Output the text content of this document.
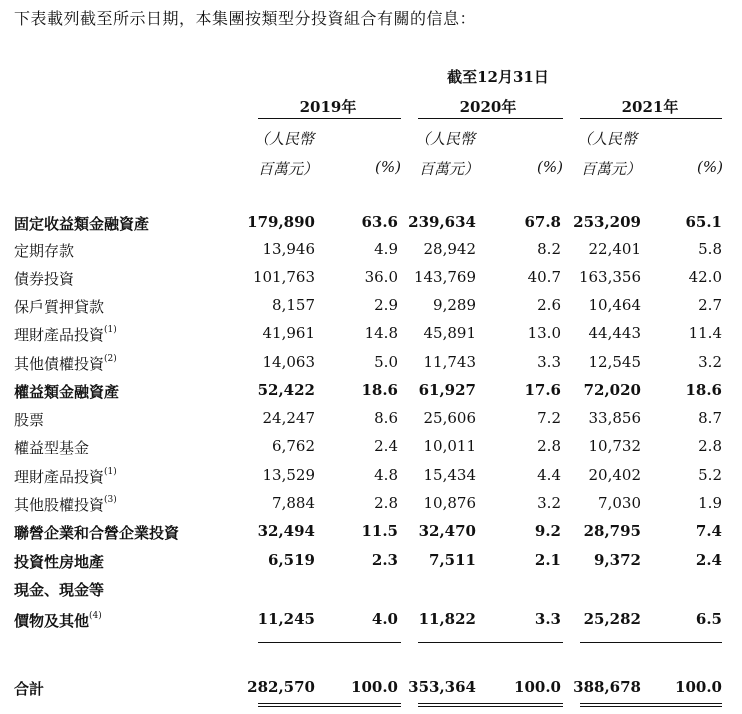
下表載列截至所示日期，本集團按類型分投資組合有關的信息：
截至12月31日
2019年	2020年	2021年
（人民幣
百萬元）	(%)
（人民幣
百萬元）	(%)
（人民幣
百萬元）	(%)
固定收益類金融資產	179,890	63.6 239,634	67.8 253,209	65.1
定期存款	13,946	4.9 28,942	8.2 22,401	5.8
債券投資	101,763	36.0 143,769	40.7 163,356	42.0
保戶質押貸款	8,157	2.9 9,289	2.6 10,464	2.7
理財產品投資$^{(1)}$	41,961	14.8 45,891	13.0 44,443	11.4
其他債權投資$^{(2)}$	14,063	5.0 11,743	3.3 12,545	3.2
權益類金融資產	52,422	18.6 61,927	17.6 72,020	18.6
股票	24,247	8.6 25,606	7.2 33,856	8.7
權益型基金	6,762	2.4 10,011	2.8 10,732	2.8
理財產品投資$^{(1)}$	13,529	4.8 15,434	4.4 20,402	5.2
其他股權投資$^{(3)}$	7,884	2.8 10,876	3.2 7,030	1.9
聯營企業和合營企業投資	32,494	11.5 32,470	9.2 28,795	7.4
投資性房地產	6,519	2.3 7,511	2.1 9,372	2.4
現金、現金等
價物及其他$^{(4)}$	11,245	4.0 11,822	3.3 25,282	6.5
合計	282,570 100.0 353,364	100.0 388,678 100.0
